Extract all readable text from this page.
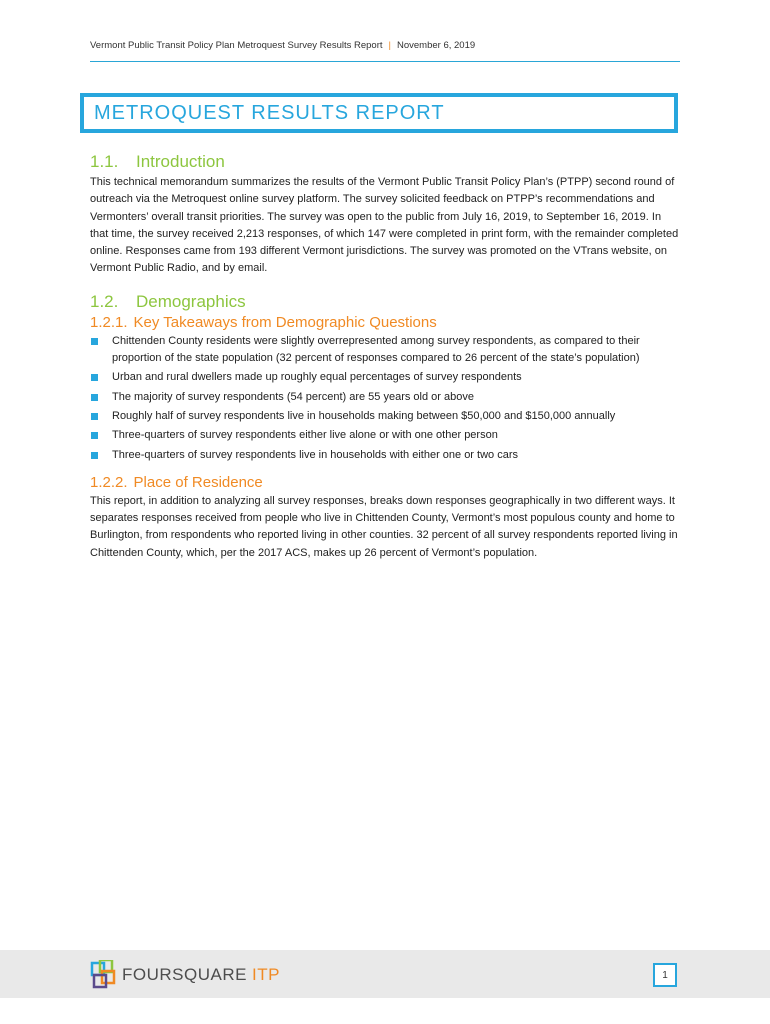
Vermont Public Transit Policy Plan Metroquest Survey Results Report | November 6, 2019
METROQUEST RESULTS REPORT
1.1. Introduction

This technical memorandum summarizes the results of the Vermont Public Transit Policy Plan’s (PTPP) second round of outreach via the Metroquest online survey platform. The survey solicited feedback on PTPP’s recommendations and Vermonters’ overall transit priorities. The survey was open to the public from July 16, 2019, to September 16, 2019. In that time, the survey received 2,213 responses, of which 147 were completed in print form, with the remainder completed online. Responses came from 193 different Vermont jurisdictions. The survey was promoted on the VTrans website, on Vermont Public Radio, and by email.

1.2. Demographics
1.2.1. Key Takeaways from Demographic Questions
Chittenden County residents were slightly overrepresented among survey respondents, as compared to their proportion of the state population (32 percent of responses compared to 26 percent of the state’s population)
Urban and rural dwellers made up roughly equal percentages of survey respondents
The majority of survey respondents (54 percent) are 55 years old or above
Roughly half of survey respondents live in households making between $50,000 and $150,000 annually
Three-quarters of survey respondents either live alone or with one other person
Three-quarters of survey respondents live in households with either one or two cars
1.2.2. Place of Residence

This report, in addition to analyzing all survey responses, breaks down responses geographically in two different ways. It separates responses received from people who live in Chittenden County, Vermont’s most populous county and home to Burlington, from respondents who reported living in other counties. 32 percent of all survey respondents reported living in Chittenden County, which, per the 2017 ACS, makes up 26 percent of Vermont’s population.

FOURSQUARE ITP	1
